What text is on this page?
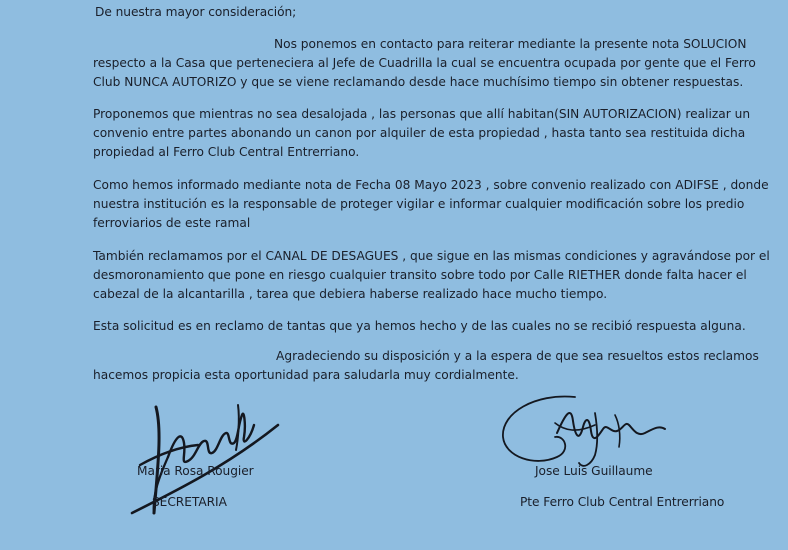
De nuestra mayor consideración;
Nos ponemos en contacto para reiterar mediante la presente nota SOLUCION
respecto a la Casa que perteneciera al Jefe de Cuadrilla la cual se encuentra ocupada por gente que el Ferro
Club NUNCA AUTORIZO y que se viene reclamando desde hace muchísimo tiempo sin obtener respuestas.
Proponemos que mientras no sea desalojada , las personas que allí habitan(SIN AUTORIZACION) realizar un
convenio entre partes abonando un canon por alquiler de esta propiedad , hasta tanto sea restituida dicha
propiedad al Ferro Club Central Entrerriano.
Como hemos informado mediante nota de Fecha 08 Mayo 2023 , sobre convenio realizado con ADIFSE , donde
nuestra institución es la responsable de proteger vigilar e informar cualquier modificación sobre los predio
ferroviarios de este ramal
También reclamamos por el CANAL DE DESAGUES , que sigue en las mismas condiciones y agravándose por el
desmoronamiento que pone en riesgo cualquier transito sobre todo por Calle RIETHER donde falta hacer el
cabezal de la alcantarilla , tarea que debiera haberse realizado hace mucho tiempo.
Esta solicitud es en reclamo de tantas que ya hemos hecho y de las cuales no se recibió respuesta alguna.
Agradeciendo su disposición y a la espera de que sea resueltos estos reclamos
hacemos propicia esta oportunidad para saludarla muy cordialmente.
Maria Rosa Rougier
SECRETARIA
Jose Luis Guillaume
Pte Ferro Club Central Entrerriano
